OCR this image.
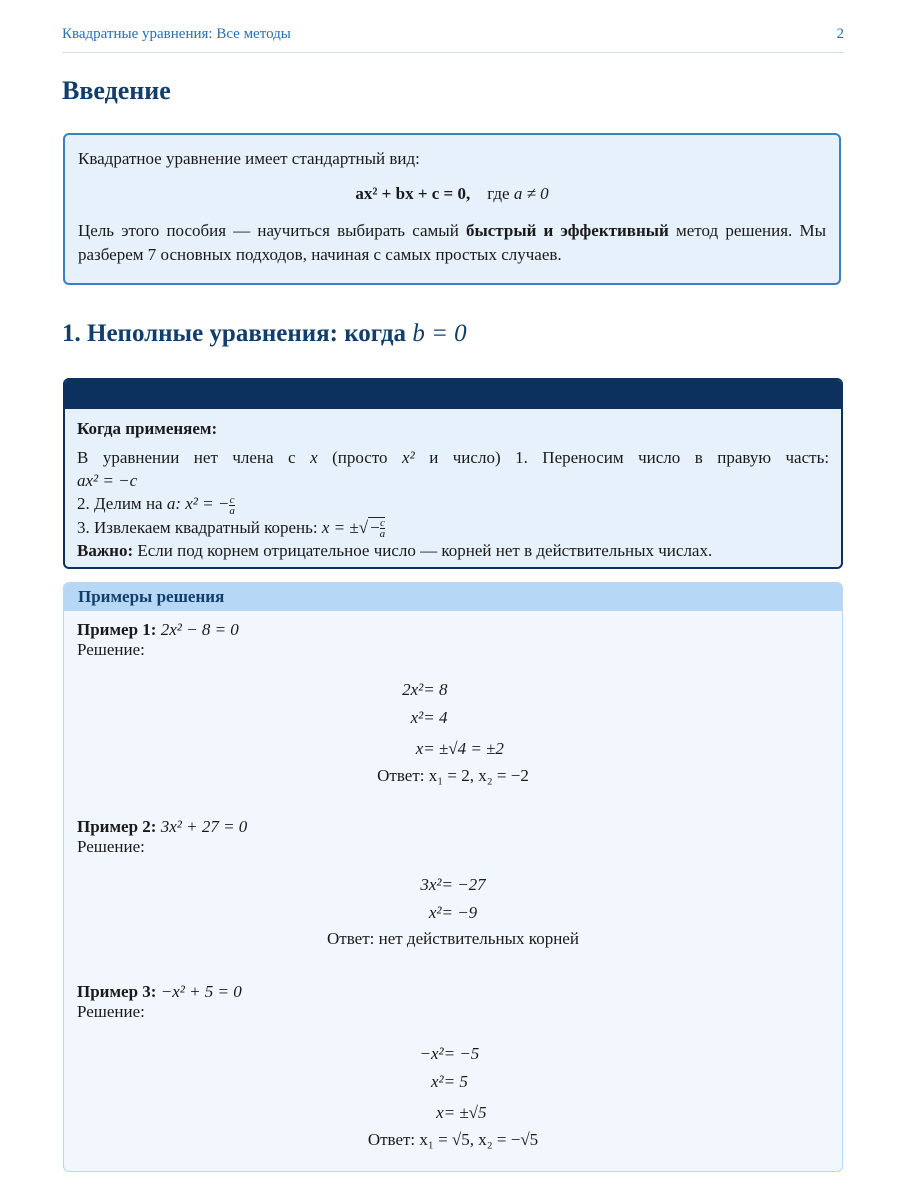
Квадратные уравнения: Все методы	2
Введение
Квадратное уравнение имеет стандартный вид:
ax² + bx + c = 0, где a ≠ 0
Цель этого пособия — научиться выбирать самый быстрый и эффективный метод решения. Мы разберем 7 основных подходов, начиная с самых простых случаев.
1. Неполные уравнения: когда b = 0
Когда применяем:
В уравнении нет члена с x (просто x² и число) 1. Переносим число в правую часть:
ax² = −c
2. Делим на a: x² = − $\frac{c}{a}$
3. Извлекаем квадратный корень: x = ±√ − $\frac{c}{a}$
Важно: Если под корнем отрицательное число — корней нет в действительных числах.
Примеры решения
Пример 1: 2x² − 8 = 0
Решение:
2x²	= 8
x²	= 4
x	= ±√4 = ±2
Ответ: x₁ = 2, x₂ = −2
Пример 2: 3x² + 27 = 0
Решение:
3x²	= −27
x²	= −9
Ответ: нет действительных корней
Пример 3: −x² + 5 = 0
Решение:
−x²	= −5
x²	= 5
x	= ±√5
Ответ: x₁ = √5, x₂ = −√5
